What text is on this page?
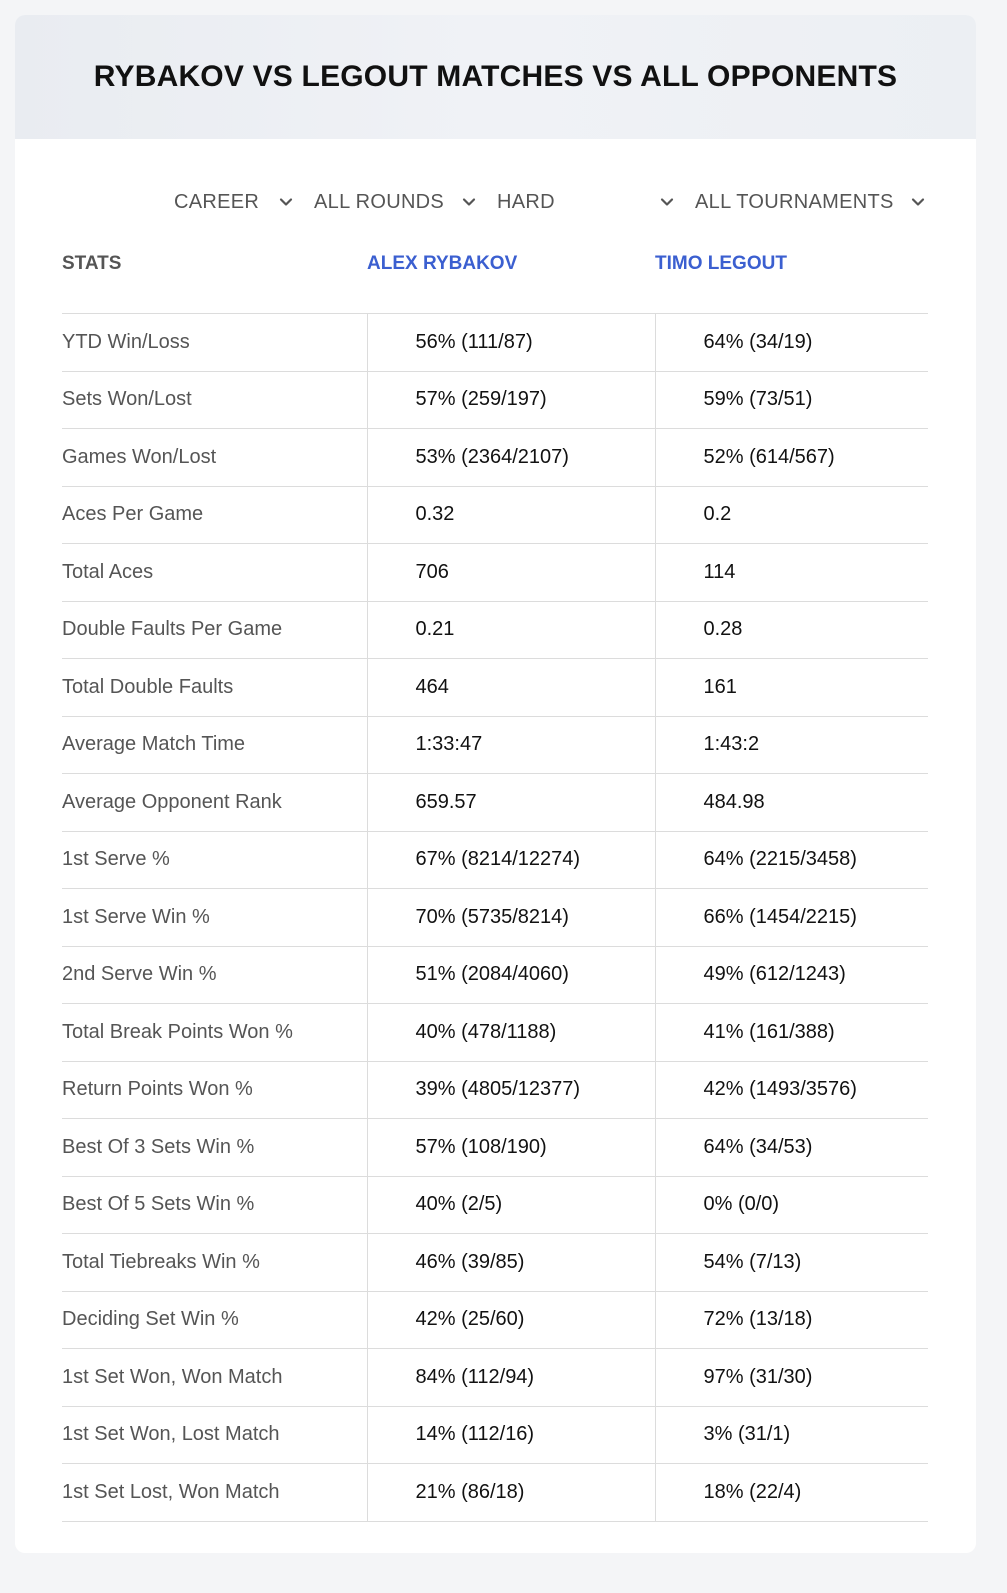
RYBAKOV VS LEGOUT MATCHES VS ALL OPPONENTS
CAREER	ALL ROUNDS	HARD	ALL TOURNAMENTS
STATS	ALEX RYBAKOV	TIMO LEGOUT
YTD Win/Loss	56% (111/87)	64% (34/19)
Sets Won/Lost	57% (259/197)	59% (73/51)
Games Won/Lost	53% (2364/2107)	52% (614/567)
Aces Per Game	0.32	0.2
Total Aces	706	114
Double Faults Per Game	0.21	0.28
Total Double Faults	464	161
Average Match Time	1:33:47	1:43:2
Average Opponent Rank	659.57	484.98
1st Serve %	67% (8214/12274)	64% (2215/3458)
1st Serve Win %	70% (5735/8214)	66% (1454/2215)
2nd Serve Win %	51% (2084/4060)	49% (612/1243)
Total Break Points Won %	40% (478/1188)	41% (161/388)
Return Points Won %	39% (4805/12377)	42% (1493/3576)
Best Of 3 Sets Win %	57% (108/190)	64% (34/53)
Best Of 5 Sets Win %	40% (2/5)	0% (0/0)
Total Tiebreaks Win %	46% (39/85)	54% (7/13)
Deciding Set Win %	42% (25/60)	72% (13/18)
1st Set Won, Won Match	84% (112/94)	97% (31/30)
1st Set Won, Lost Match	14% (112/16)	3% (31/1)
1st Set Lost, Won Match	21% (86/18)	18% (22/4)
